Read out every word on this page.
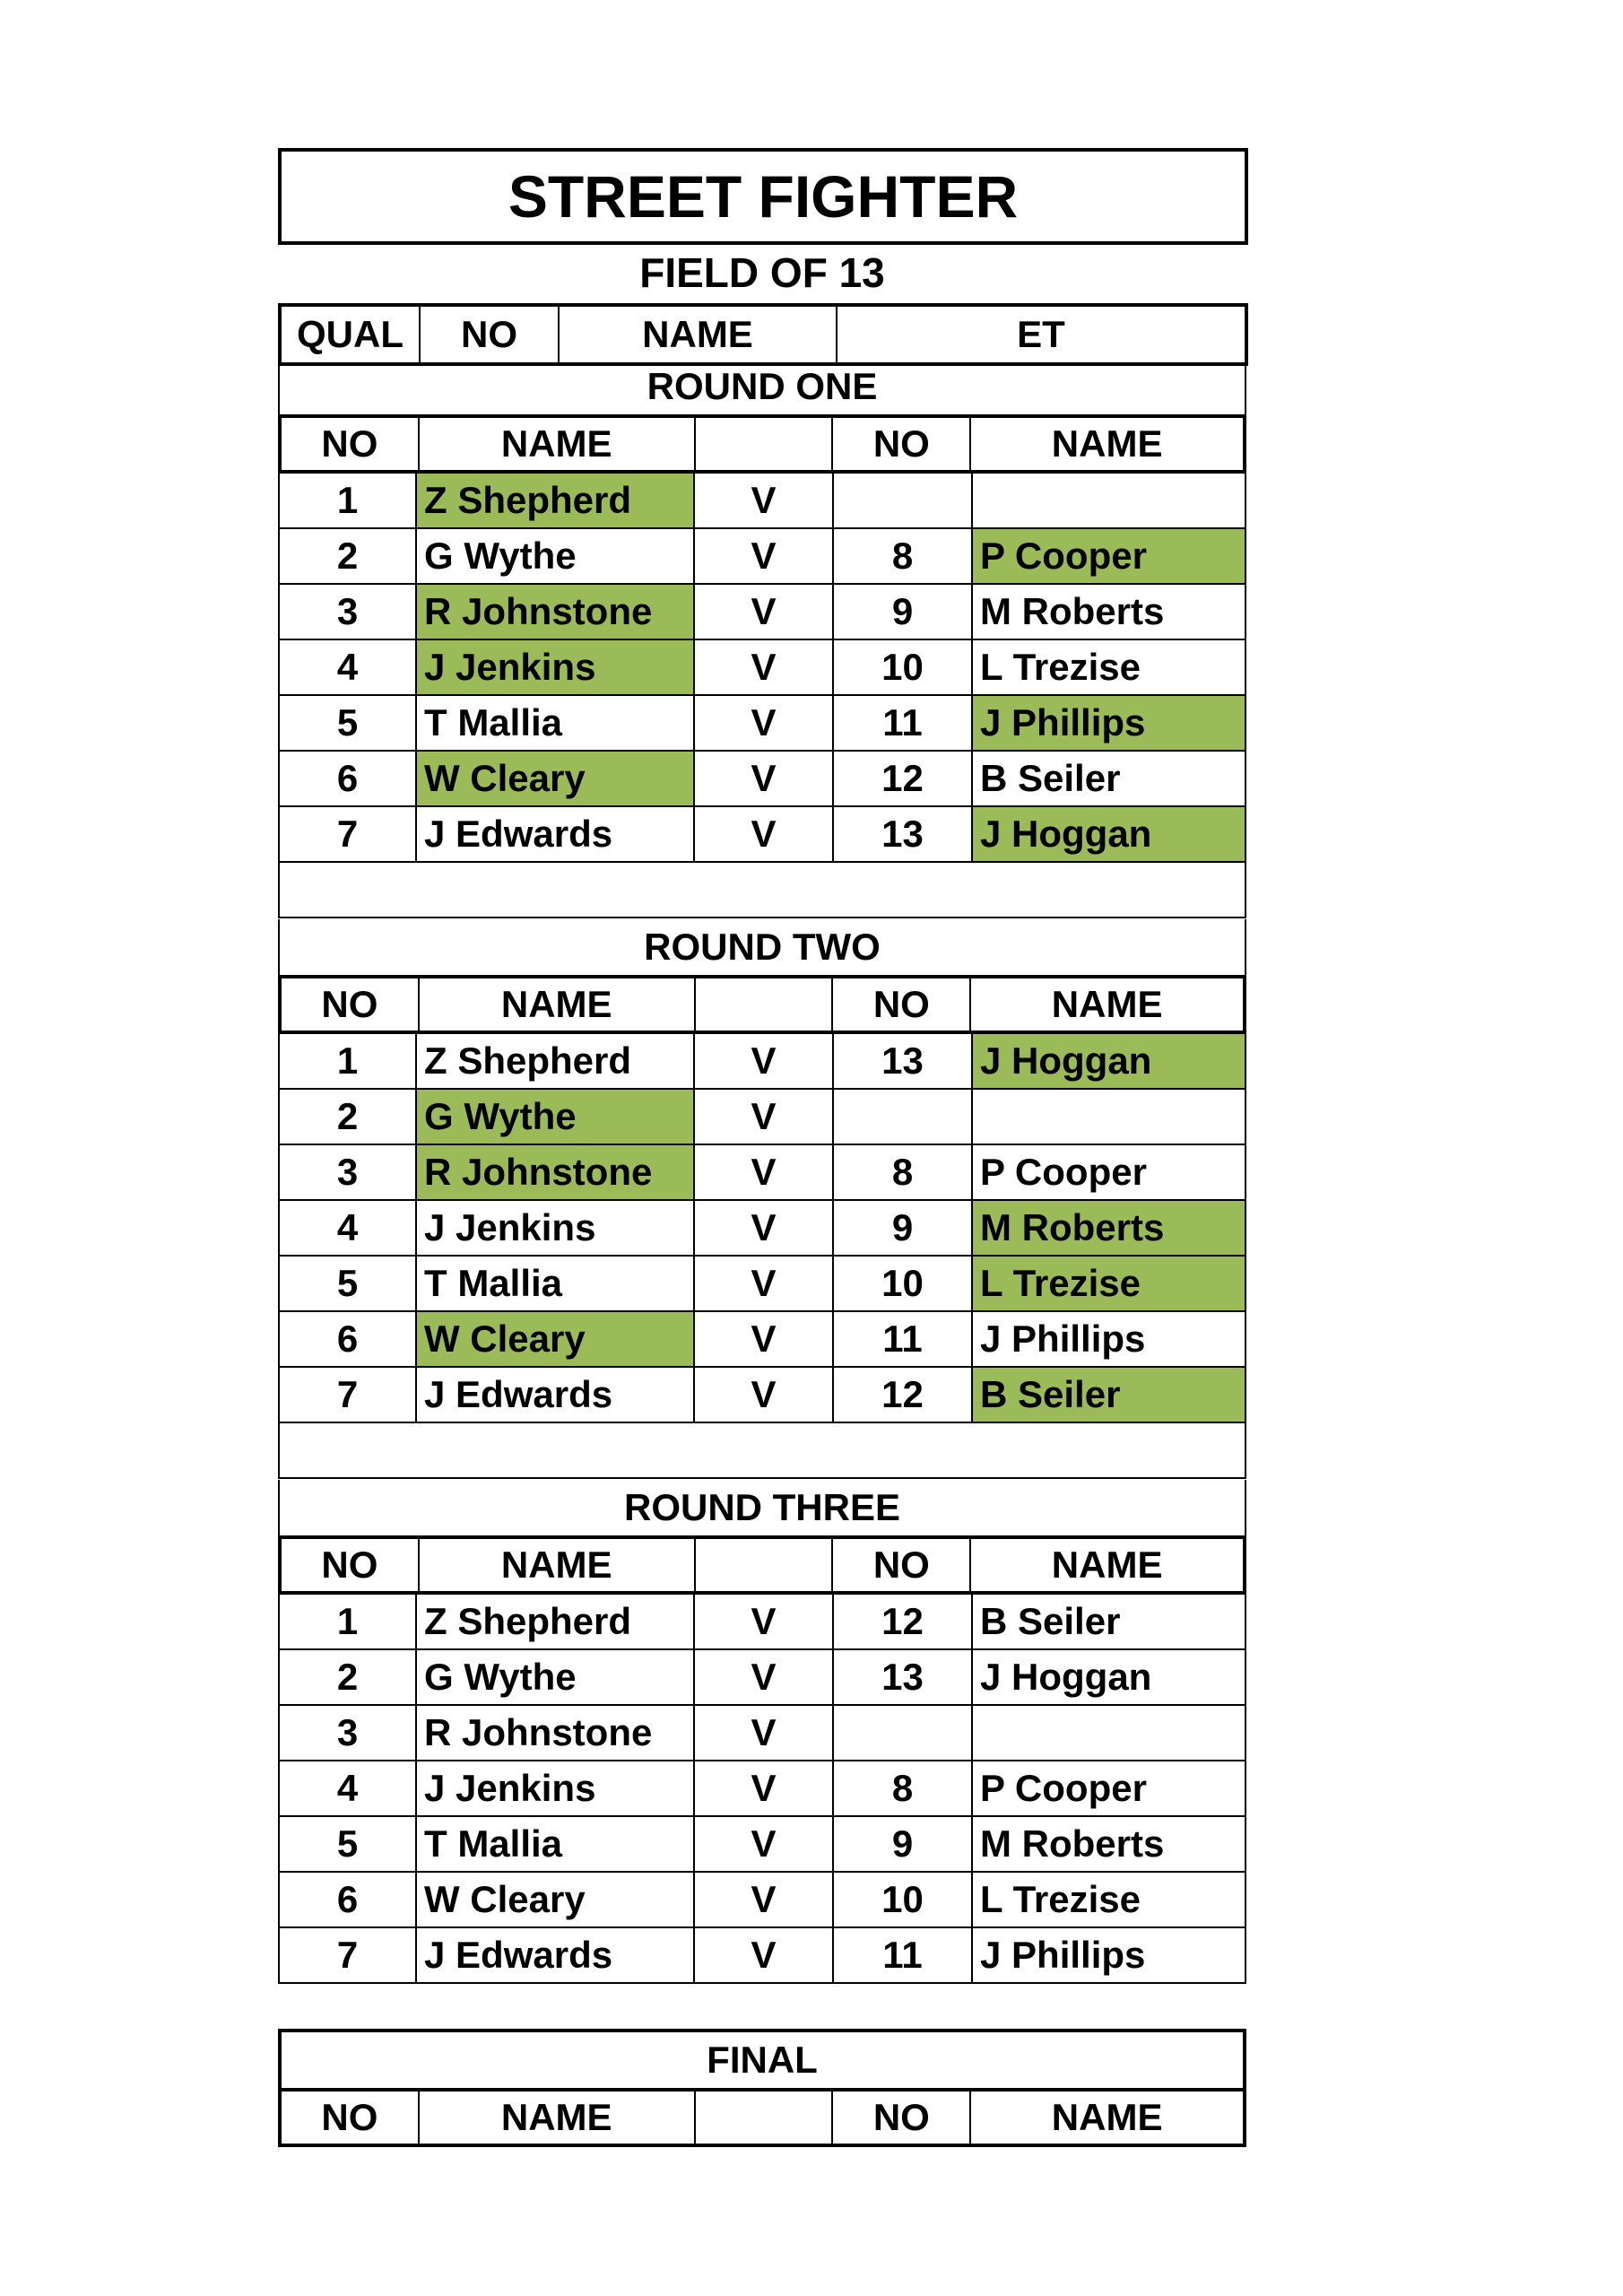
STREET FIGHTER
FIELD OF 13
QUAL	NO	NAME	ET
ROUND ONE
NO	NAME	NO	NAME
1	Z Shepherd	V
2	G Wythe	V	8	P Cooper
3	R Johnstone	V	9	M Roberts
4	J Jenkins	V	10	L Trezise
5	T Mallia	V	11	J Phillips
6	W Cleary	V	12	B Seiler
7	J Edwards	V	13	J Hoggan
ROUND TWO
NO	NAME	NO	NAME
1	Z Shepherd	V	13	J Hoggan
2	G Wythe	V
3	R Johnstone	V	8	P Cooper
4	J Jenkins	V	9	M Roberts
5	T Mallia	V	10	L Trezise
6	W Cleary	V	11	J Phillips
7	J Edwards	V	12	B Seiler
ROUND THREE
NO	NAME	NO	NAME
1	Z Shepherd	V	12	B Seiler
2	G Wythe	V	13	J Hoggan
3	R Johnstone	V
4	J Jenkins	V	8	P Cooper
5	T Mallia	V	9	M Roberts
6	W Cleary	V	10	L Trezise
7	J Edwards	V	11	J Phillips
FINAL
NO	NAME	NO	NAME
